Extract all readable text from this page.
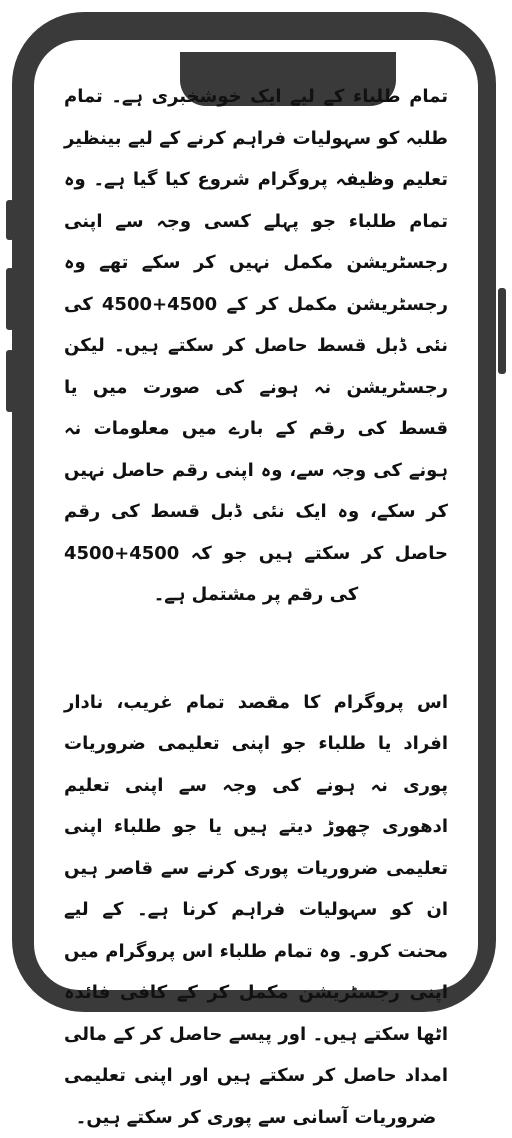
تمام طلباء کے لیے ایک خوشخبری ہے۔ تمام طلبہ کو سہولیات فراہم کرنے کے لیے بینظیر تعلیم وظیفہ پروگرام شروع کیا گیا ہے۔ وہ تمام طلباء جو پہلے کسی وجہ سے اپنی رجسٹریشن مکمل نہیں کر سکے تھے وہ رجسٹریشن مکمل کر کے 4500+4500 کی نئی ڈبل قسط حاصل کر سکتے ہیں۔ لیکن رجسٹریشن نہ ہونے کی صورت میں یا قسط کی رقم کے بارے میں معلومات نہ ہونے کی وجہ سے، وہ اپنی رقم حاصل نہیں کر سکے، وہ ایک نئی ڈبل قسط کی رقم حاصل کر سکتے ہیں جو کہ 4500+4500 کی رقم پر مشتمل ہے۔

اس پروگرام کا مقصد تمام غریب، نادار افراد یا طلباء جو اپنی تعلیمی ضروریات پوری نہ ہونے کی وجہ سے اپنی تعلیم ادھوری چھوڑ دیتے ہیں یا جو طلباء اپنی تعلیمی ضروریات پوری کرنے سے قاصر ہیں ان کو سہولیات فراہم کرنا ہے۔ کے لیے محنت کرو۔ وہ تمام طلباء اس پروگرام میں اپنی رجسٹریشن مکمل کر کے کافی فائدہ اٹھا سکتے ہیں۔ اور پیسے حاصل کر کے مالی امداد حاصل کر سکتے ہیں اور اپنی تعلیمی ضروریات آسانی سے پوری کر سکتے ہیں۔
